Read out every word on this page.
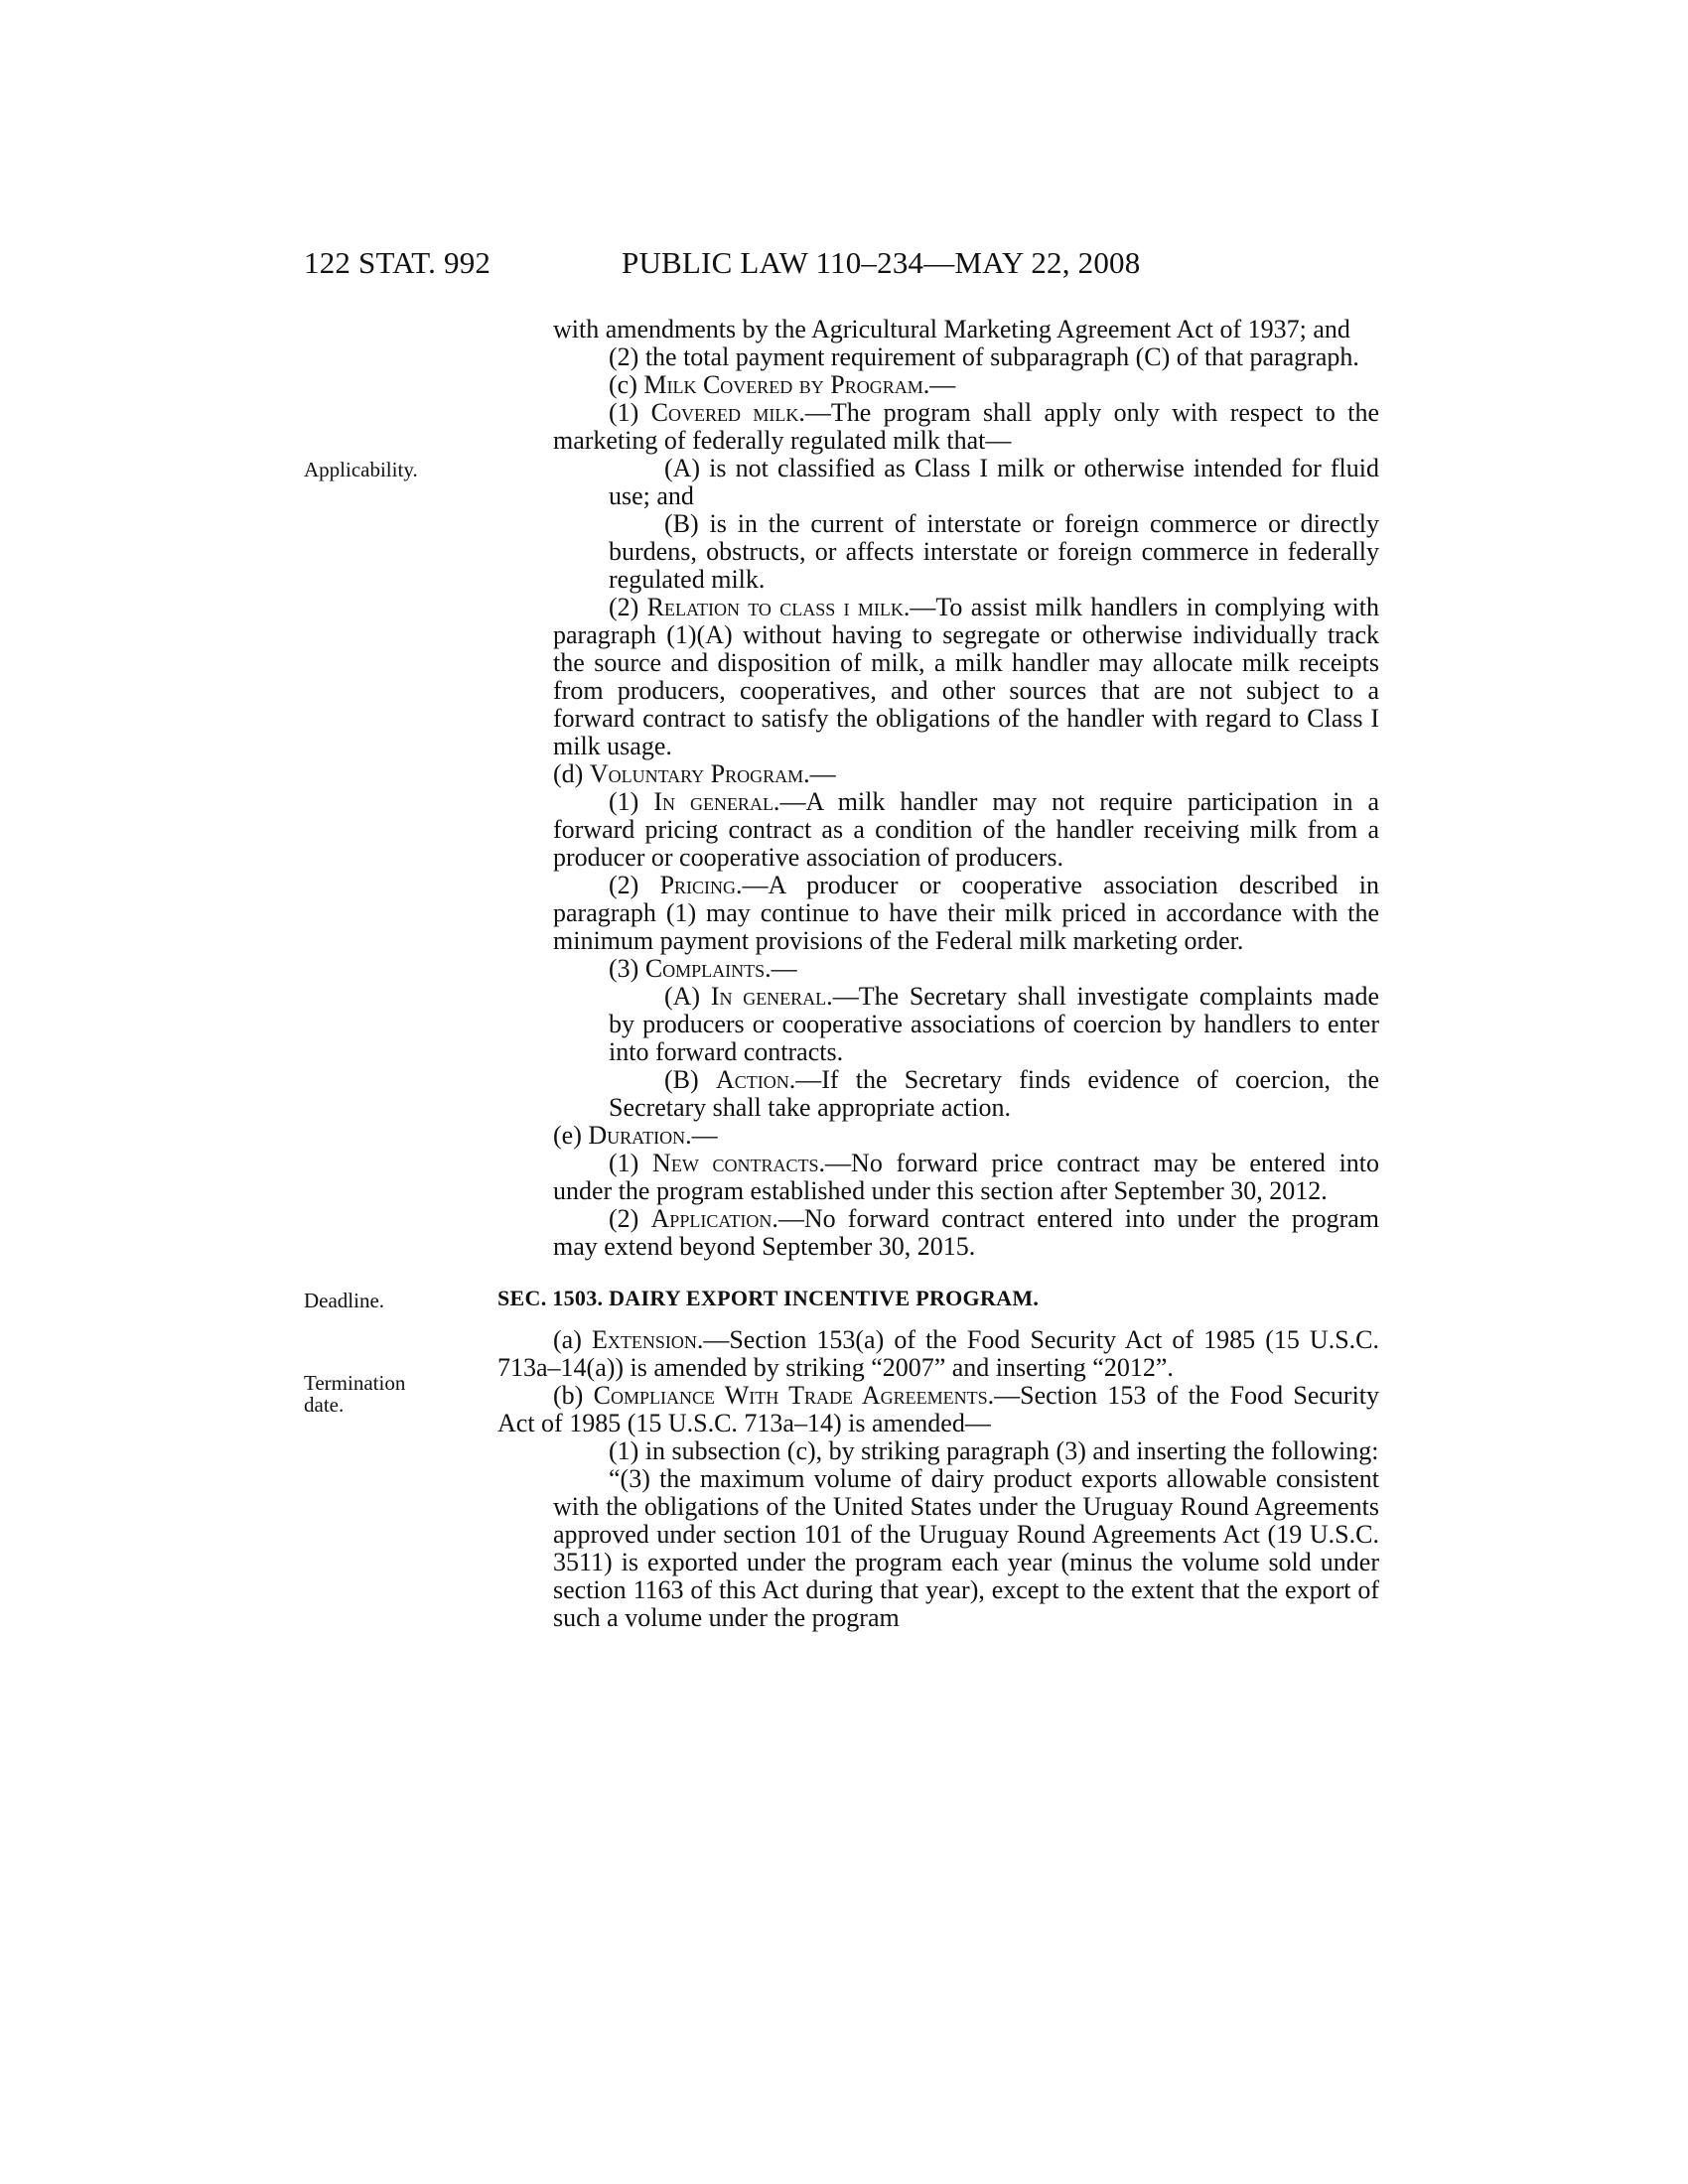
122 STAT. 992	PUBLIC LAW 110–234—MAY 22, 2008
Applicability.
Deadline.
Termination
date.
with amendments by the Agricultural Marketing Agreement Act of 1937; and
(2) the total payment requirement of subparagraph (C) of that paragraph.
(c) Milk Covered by Program.—
(1) Covered milk.—The program shall apply only with respect to the marketing of federally regulated milk that—
(A) is not classified as Class I milk or otherwise intended for fluid use; and
(B) is in the current of interstate or foreign commerce or directly burdens, obstructs, or affects interstate or foreign commerce in federally regulated milk.
(2) Relation to class i milk.—To assist milk handlers in complying with paragraph (1)(A) without having to segregate or otherwise individually track the source and disposition of milk, a milk handler may allocate milk receipts from producers, cooperatives, and other sources that are not subject to a forward contract to satisfy the obligations of the handler with regard to Class I milk usage.
(d) Voluntary Program.—
(1) In general.—A milk handler may not require participation in a forward pricing contract as a condition of the handler receiving milk from a producer or cooperative association of producers.
(2) Pricing.—A producer or cooperative association described in paragraph (1) may continue to have their milk priced in accordance with the minimum payment provisions of the Federal milk marketing order.
(3) Complaints.—
(A) In general.—The Secretary shall investigate complaints made by producers or cooperative associations of coercion by handlers to enter into forward contracts.
(B) Action.—If the Secretary finds evidence of coercion, the Secretary shall take appropriate action.
(e) Duration.—
(1) New contracts.—No forward price contract may be entered into under the program established under this section after September 30, 2012.
(2) Application.—No forward contract entered into under the program may extend beyond September 30, 2015.
SEC. 1503. DAIRY EXPORT INCENTIVE PROGRAM.
(a) Extension.—Section 153(a) of the Food Security Act of 1985 (15 U.S.C. 713a–14(a)) is amended by striking “2007” and inserting “2012”.
(b) Compliance With Trade Agreements.—Section 153 of the Food Security Act of 1985 (15 U.S.C. 713a–14) is amended—
(1) in subsection (c), by striking paragraph (3) and inserting the following:
“(3) the maximum volume of dairy product exports allowable consistent with the obligations of the United States under the Uruguay Round Agreements approved under section 101 of the Uruguay Round Agreements Act (19 U.S.C. 3511) is exported under the program each year (minus the volume sold under section 1163 of this Act during that year), except to the extent that the export of such a volume under the program
